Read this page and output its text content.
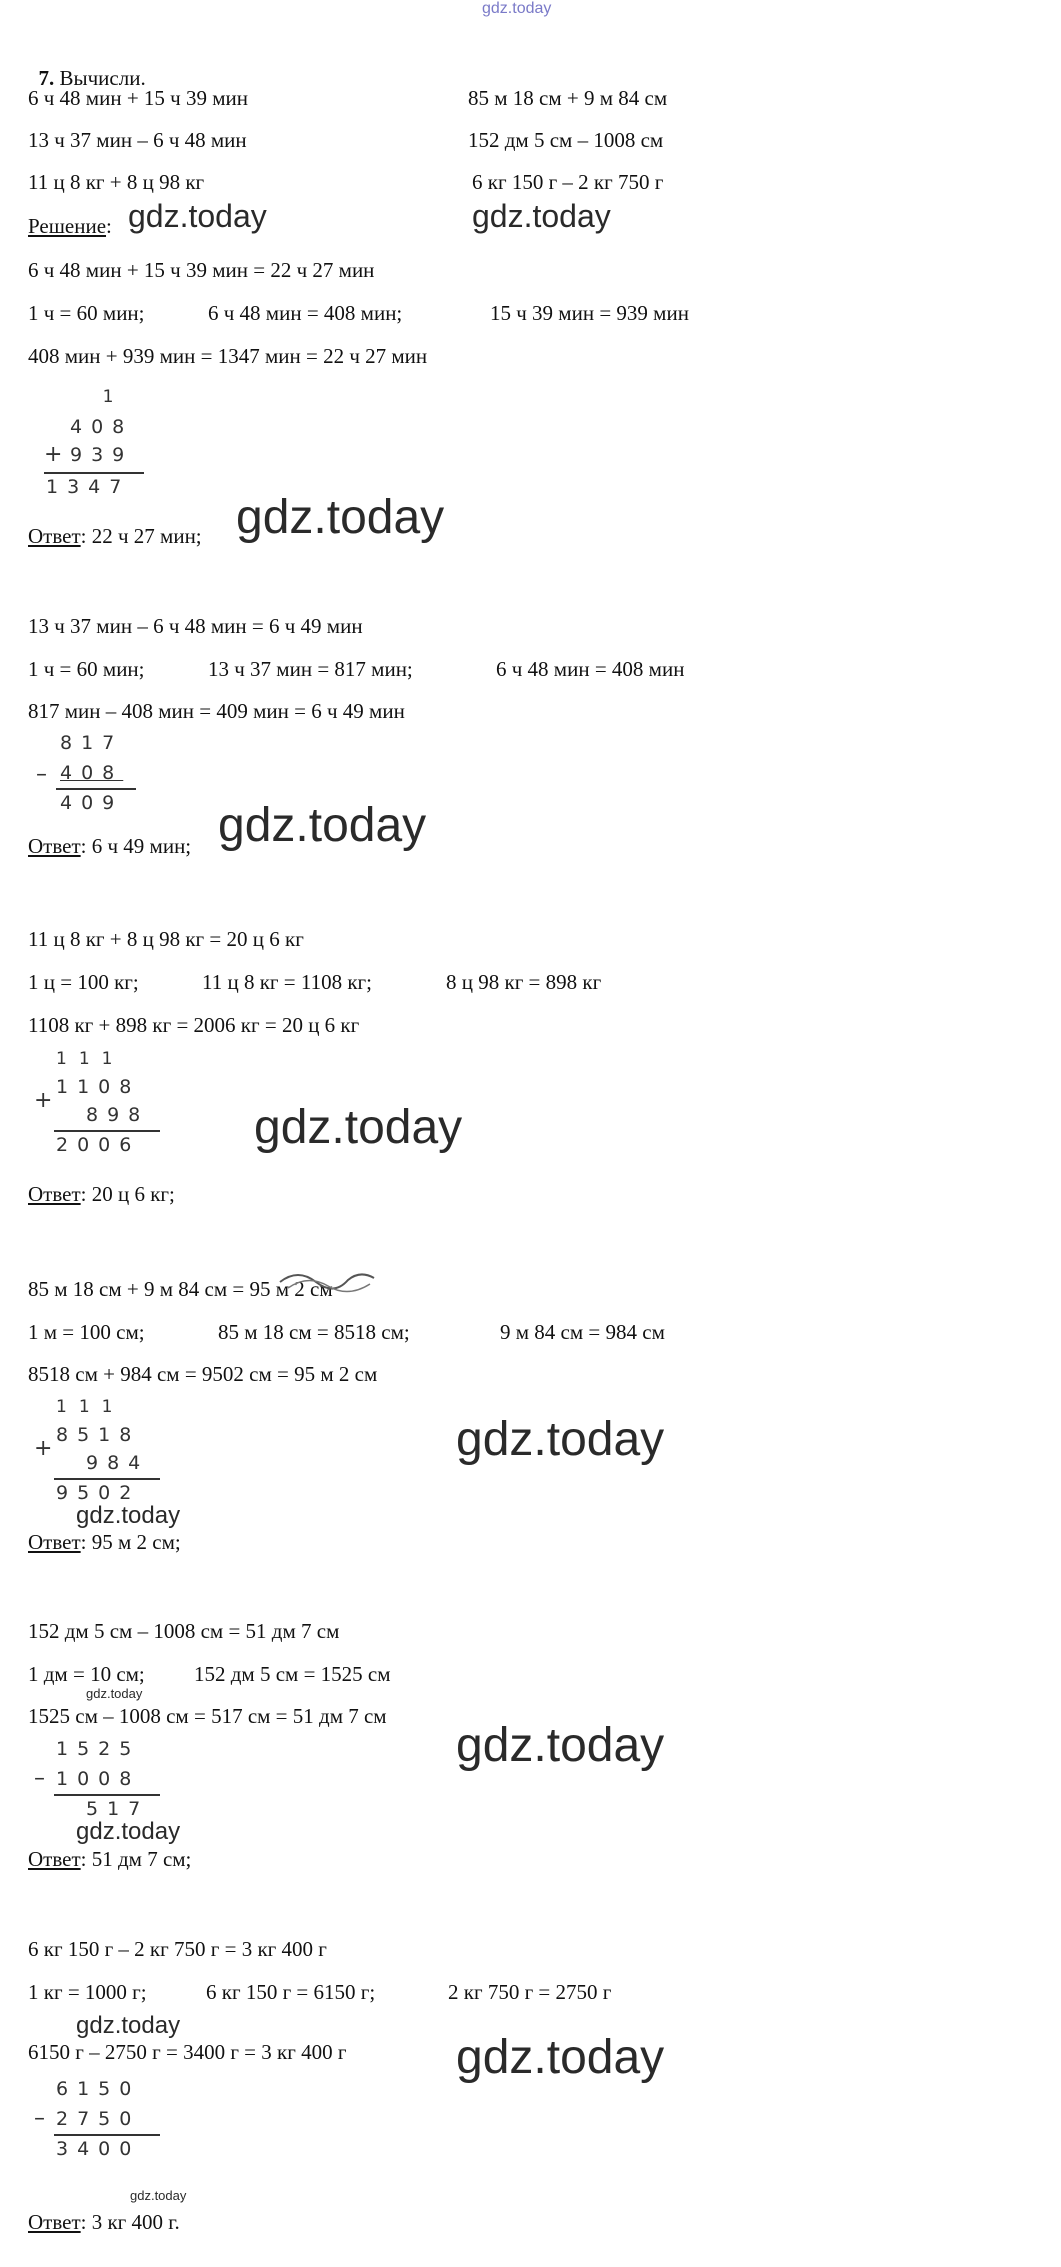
gdz.today

7. Вычисли.

6 ч 48 мин + 15 ч 39 мин
13 ч 37 мин – 6 ч 48 мин
11 ц 8 кг + 8 ц 98 кг
85 м 18 см + 9 м 84 см
152 дм 5 см – 1008 см
6 кг 150 г – 2 кг 750 г
Решение: gdz.today	gdz.today
6 ч 48 мин + 15 ч 39 мин = 22 ч 27 мин
1 ч = 60 мин;	6 ч 48 мин = 408 мин;	15 ч 39 мин = 939 мин
408 мин + 939 мин = 1347 мин = 22 ч 27 мин
1
408
+ 939
1347
Ответ: 22 ч 27 мин; gdz.today
13 ч 37 мин – 6 ч 48 мин = 6 ч 49 мин
1 ч = 60 мин;	13 ч 37 мин = 817 мин;	6 ч 48 мин = 408 мин
817 мин – 408 мин = 409 мин = 6 ч 49 мин
817
– 408
409
Ответ: 6 ч 49 мин; gdz.today
11 ц 8 кг + 8 ц 98 кг = 20 ц 6 кг
1 ц = 100 кг;	11 ц 8 кг = 1108 кг;	8 ц 98 кг = 898 кг
1108 кг + 898 кг = 2006 кг = 20 ц 6 кг
111
1108
+
898
2006	gdz.today
Ответ: 20 ц 6 кг;
85 м 18 см + 9 м 84 см = 95 м 2 см
1 м = 100 см;	85 м 18 см = 8518 см;	9 м 84 см = 984 см
8518 см + 984 см = 9502 см = 95 м 2 см
111
8518
+
984
9502
gdz.today
gdz.today
Ответ: 95 м 2 см;
152 дм 5 см – 1008 см = 51 дм 7 см
1 дм = 10 см; 152 дм 5 см = 1525 см
gdz.today
1525 см – 1008 см = 517 см = 51 дм 7 см
1525
– 1008
517
gdz.today
gdz.today
Ответ: 51 дм 7 см;
6 кг 150 г – 2 кг 750 г = 3 кг 400 г
1 кг = 1000 г;	6 кг 150 г = 6150 г;	2 кг 750 г = 2750 г
gdz.today
6150 г – 2750 г = 3400 г = 3 кг 400 г
6150
– 2750
3400
gdz.today
gdz.today
Ответ: 3 кг 400 г.
